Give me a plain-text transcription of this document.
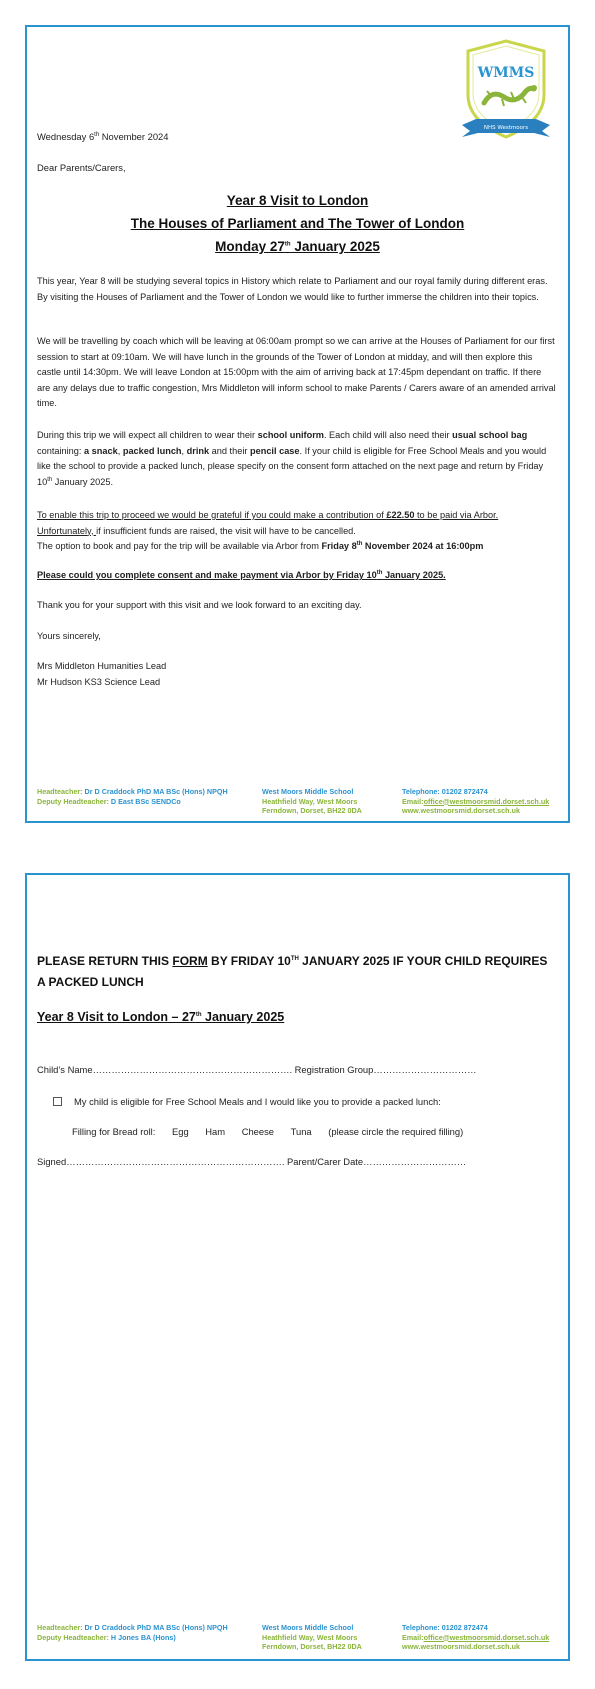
WMMS
NHS Westmoors
Wednesday 6th November 2024
Dear Parents/Carers,
Year 8 Visit to London
The Houses of Parliament and The Tower of London
Monday 27th January 2025

This year, Year 8 will be studying several topics in History which relate to Parliament and our royal family during different eras. By visiting the Houses of Parliament and the Tower of London we would like to further immerse the children into their topics.

We will be travelling by coach which will be leaving at 06:00am prompt so we can arrive at the Houses of Parliament for our first session to start at 09:10am. We will have lunch in the grounds of the Tower of London at midday, and will then explore this castle until 14:30pm. We will leave London at 15:00pm with the aim of arriving back at 17:45pm dependant on traffic. If there are any delays due to traffic congestion, Mrs Middleton will inform school to make Parents / Carers aware of an amended arrival time.

During this trip we will expect all children to wear their school uniform. Each child will also need their usual school bag containing: a snack, packed lunch, drink and their pencil case. If your child is eligible for Free School Meals and you would like the school to provide a packed lunch, please specify on the consent form attached on the next page and return by Friday 10th January 2025.

To enable this trip to proceed we would be grateful if you could make a contribution of £22.50 to be paid via Arbor. Unfortunately, if insufficient funds are raised, the visit will have to be cancelled.
The option to book and pay for the trip will be available via Arbor from Friday 8th November 2024 at 16:00pm

Please could you complete consent and make payment via Arbor by Friday 10th January 2025.

Thank you for your support with this visit and we look forward to an exciting day.

Yours sincerely,

Mrs Middleton Humanities Lead
Mr Hudson KS3 Science Lead

Headteacher: Dr D Craddock PhD MA BSc (Hons) NPQH
Deputy Headteacher: D East BSc SENDCo
West Moors Middle School
Heathfield Way, West Moors
Ferndown, Dorset, BH22 0DA
Telephone: 01202 872474
Email:office@westmoorsmid.dorset.sch.uk
www.westmoorsmid.dorset.sch.uk
PLEASE RETURN THIS FORM BY FRIDAY 10TH JANUARY 2025 IF YOUR CHILD REQUIRES A PACKED LUNCH
Year 8 Visit to London – 27th January 2025
Child’s Name………………………………………………………. Registration Group……………………………
My child is eligible for Free School Meals and I would like you to provide a packed lunch:
Filling for Bread roll: Egg Ham Cheese Tuna (please circle the required filling)
Signed……………………………………………………………. Parent/Carer Date……………………………
Headteacher: Dr D Craddock PhD MA BSc (Hons) NPQH
Deputy Headteacher: H Jones BA (Hons)
West Moors Middle School
Heathfield Way, West Moors
Ferndown, Dorset, BH22 0DA
Telephone: 01202 872474
Email:office@westmoorsmid.dorset.sch.uk
www.westmoorsmid.dorset.sch.uk
